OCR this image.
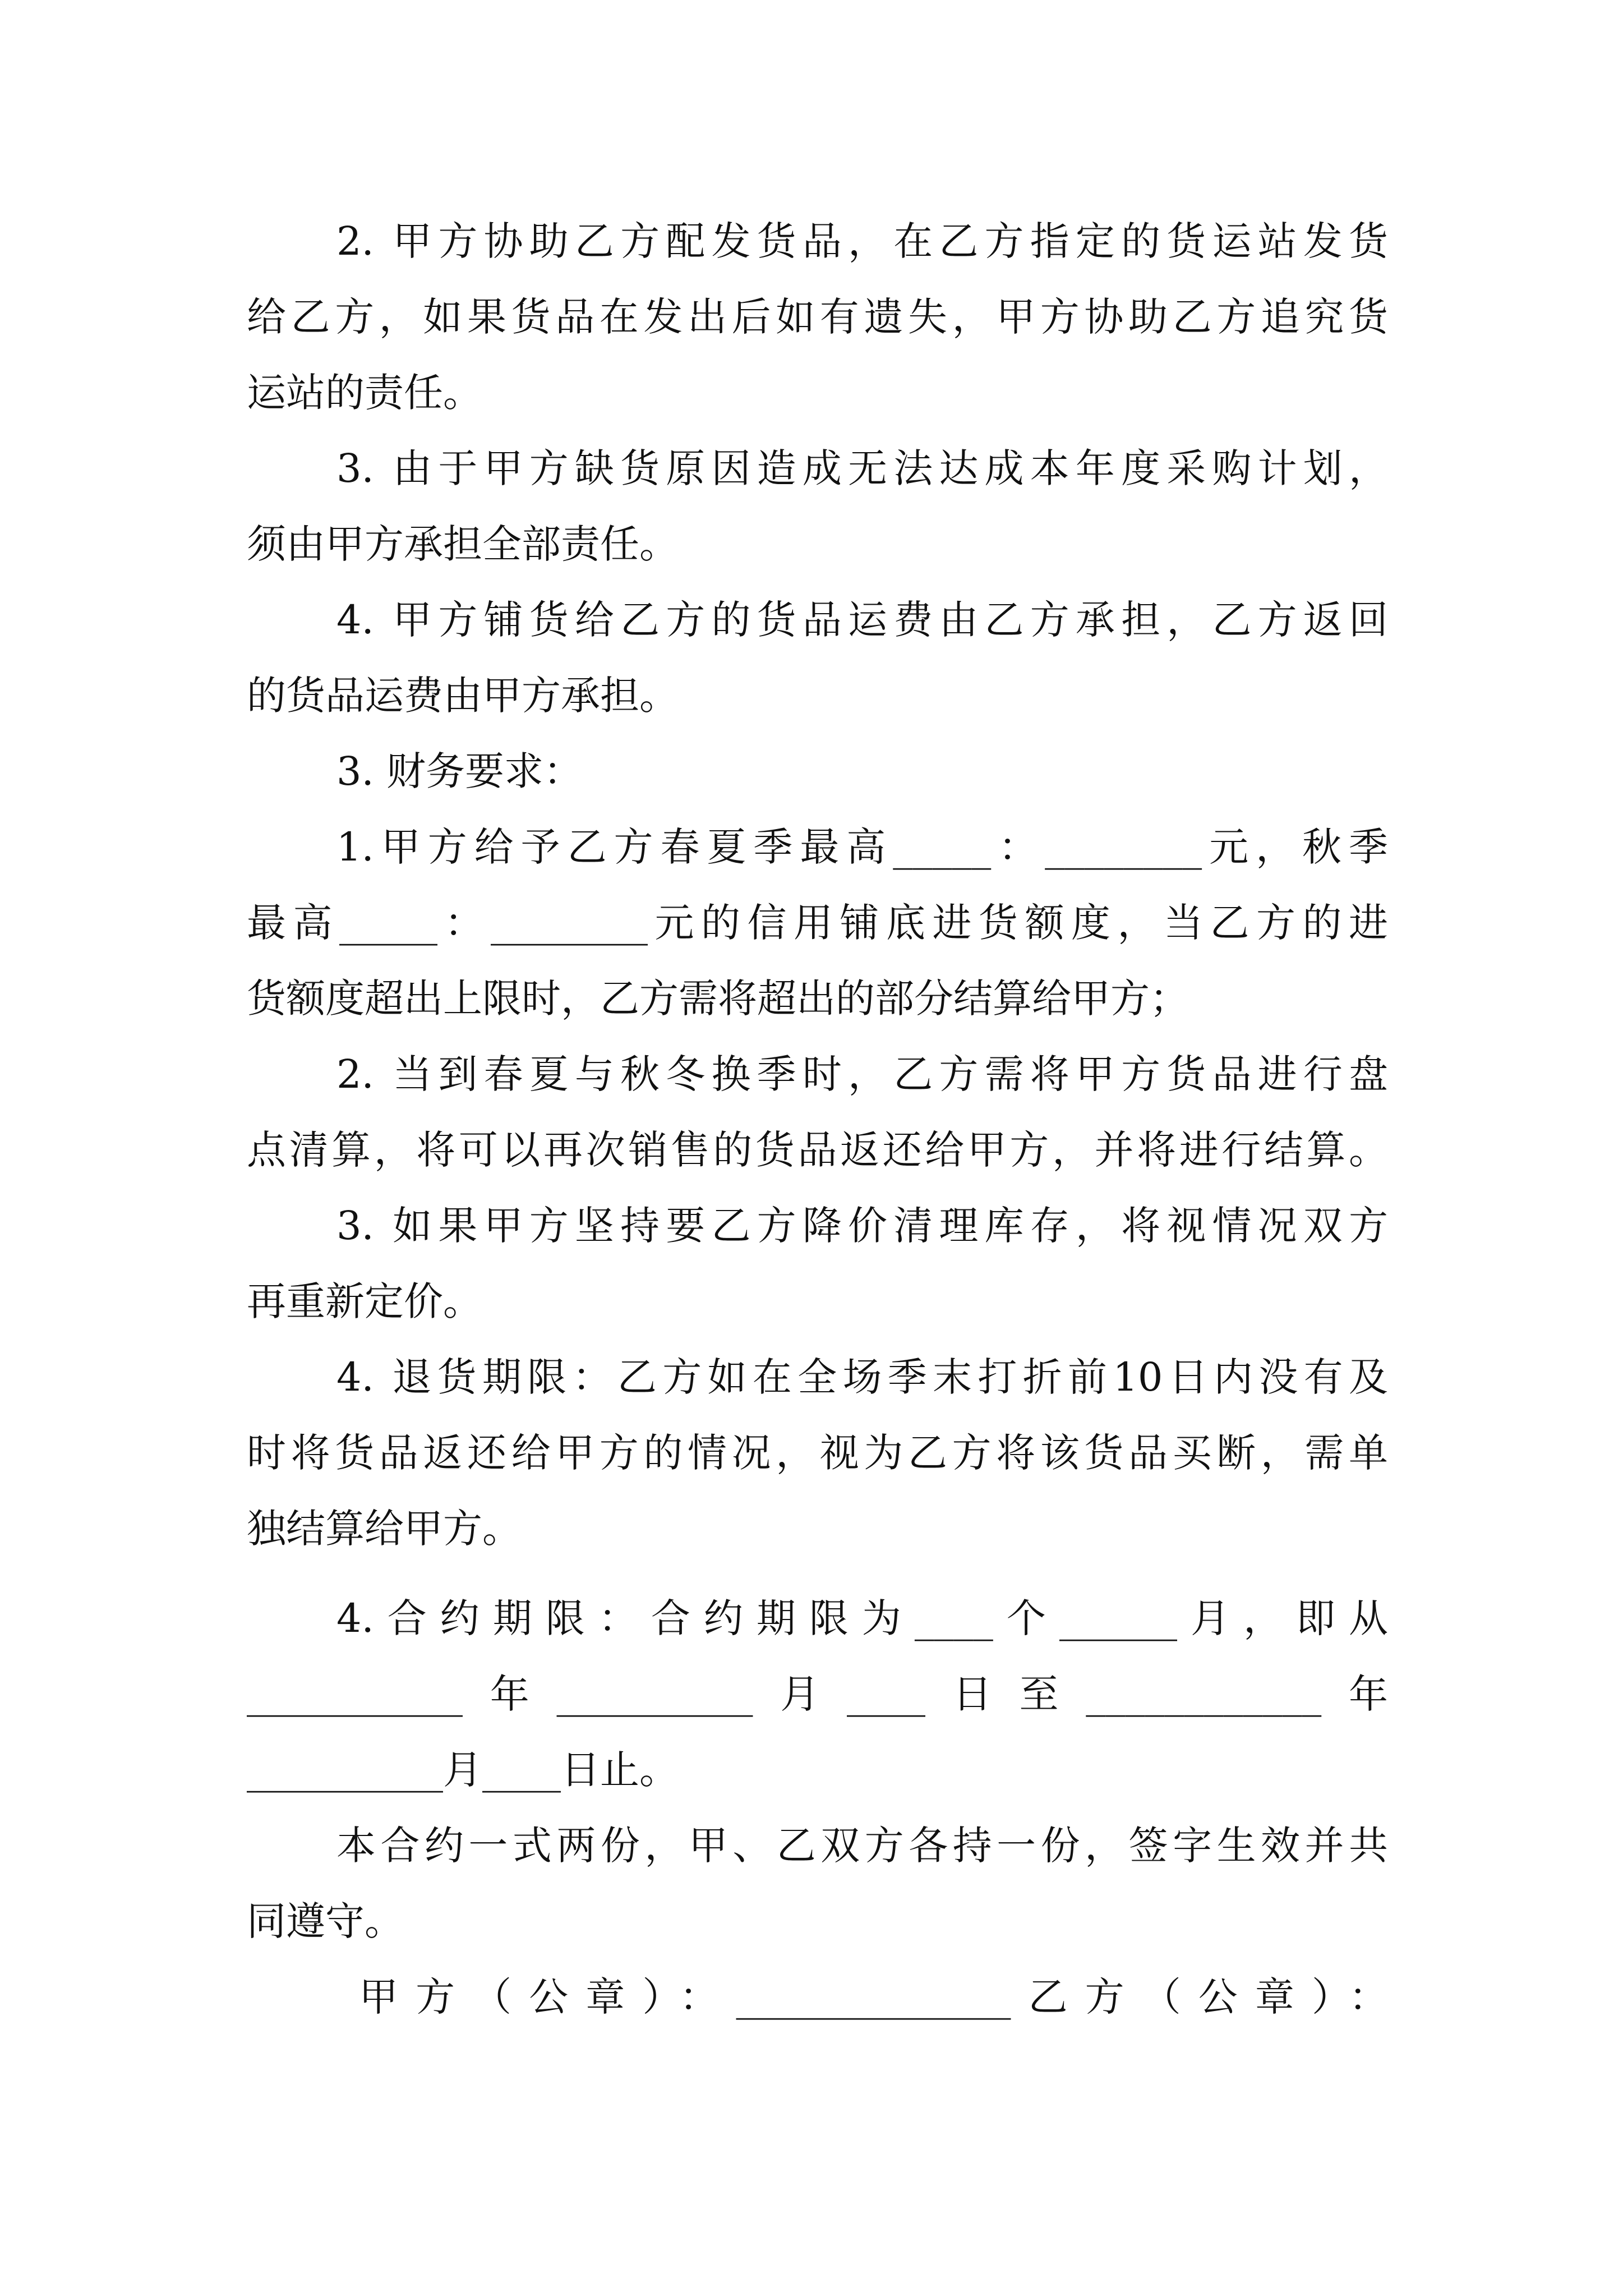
2. 甲方协助乙方配发货品，在乙方指定的货运站发货
给乙方，如果货品在发出后如有遗失，甲方协助乙方追究货
运站的责任。
3. 由于甲方缺货原因造成无法达成本年度采购计划，
须由甲方承担全部责任。
4. 甲方铺货给乙方的货品运费由乙方承担，乙方返回
的货品运费由甲方承担。
3. 财务要求：
1.甲方给予乙方春夏季最高_____：________元，秋季
最高_____：________元的信用铺底进货额度，当乙方的进
货额度超出上限时，乙方需将超出的部分结算给甲方；
2. 当到春夏与秋冬换季时，乙方需将甲方货品进行盘
点清算，将可以再次销售的货品返还给甲方，并将进行结算。
3. 如果甲方坚持要乙方降价清理库存，将视情况双方
再重新定价。
4. 退货期限：乙方如在全场季末打折前10日内没有及
时将货品返还给甲方的情况，视为乙方将该货品买断，需单
独结算给甲方。
4.合约期限：合约期限为____个______月，即从
___________年__________月____日至____________年
__________月____日止。
本合约一式两份，甲、乙双方各持一份，签字生效并共
同遵守。
甲方（公章）：______________乙方（公章）：
